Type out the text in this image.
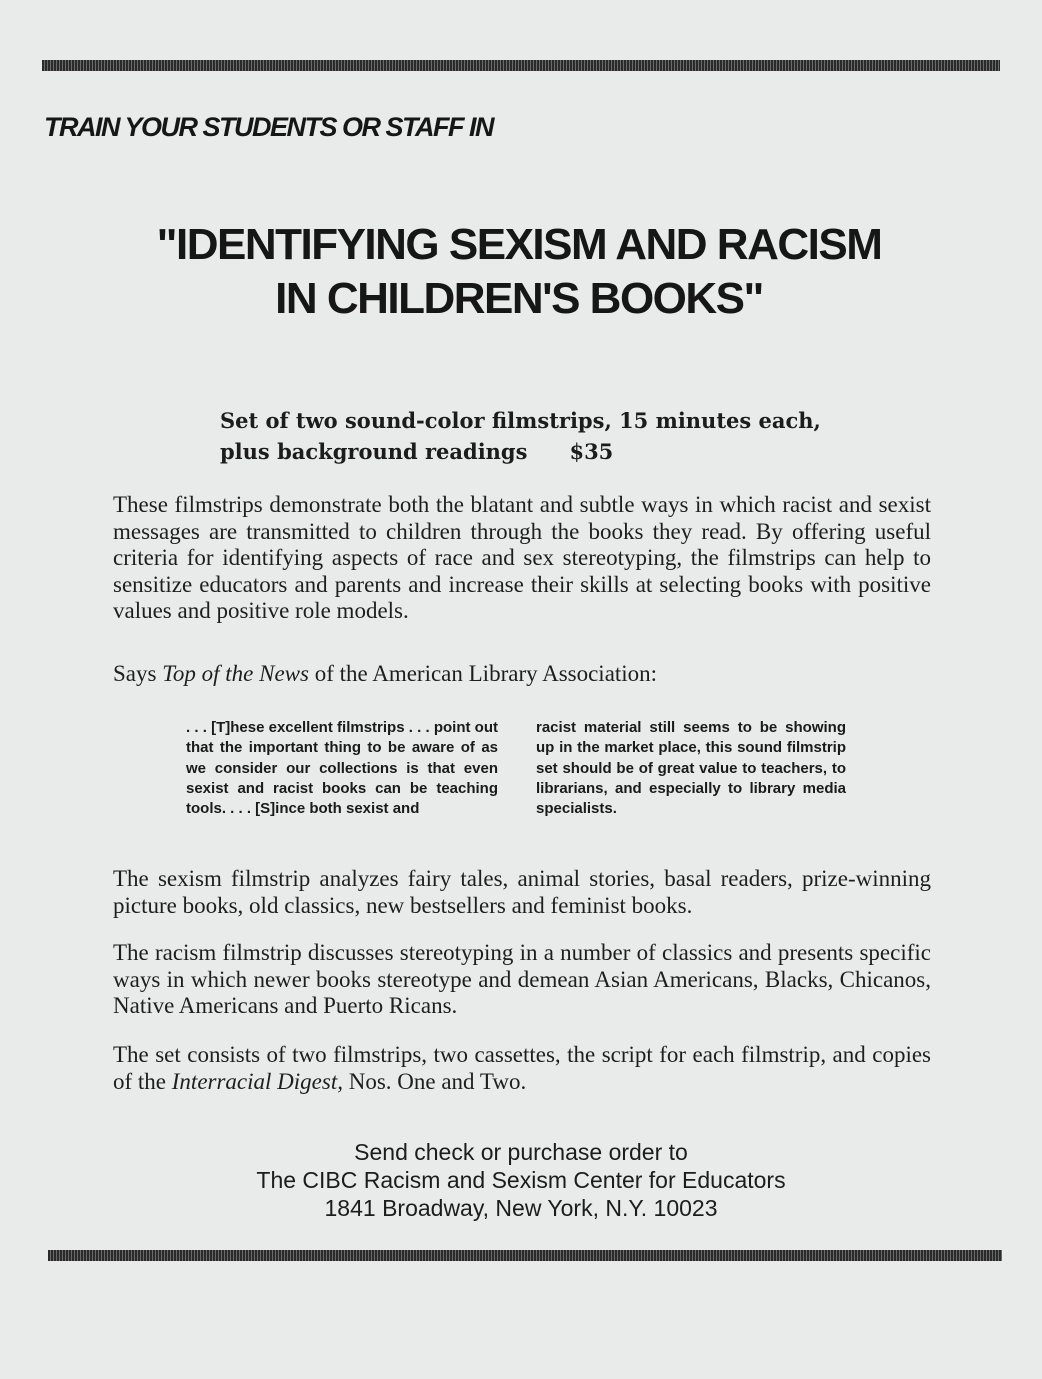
TRAIN YOUR STUDENTS OR STAFF IN
"IDENTIFYING SEXISM AND RACISM
IN CHILDREN'S BOOKS"
Set of two sound-color filmstrips, 15 minutes each,
plus background readings $35
These filmstrips demonstrate both the blatant and subtle ways in which racist and sexist messages are transmitted to children through the books they read. By offering useful criteria for identifying aspects of race and sex stereotyping, the filmstrips can help to sensitize educators and parents and increase their skills at selecting books with positive values and positive role models.
Says Top of the News of the American Library Association:
. . . [T]hese excellent filmstrips . . . point out that the important thing to be aware of as we consider our collections is that even sexist and racist books can be teaching tools. . . . [S]ince both sexist and
racist material still seems to be showing up in the market place, this sound filmstrip set should be of great value to teachers, to librarians, and especially to library media specialists.
The sexism filmstrip analyzes fairy tales, animal stories, basal readers, prize-winning picture books, old classics, new bestsellers and feminist books.
The racism filmstrip discusses stereotyping in a number of classics and presents specific ways in which newer books stereotype and demean Asian Americans, Blacks, Chicanos, Native Americans and Puerto Ricans.
The set consists of two filmstrips, two cassettes, the script for each filmstrip, and copies of the Interracial Digest, Nos. One and Two.
Send check or purchase order to
The CIBC Racism and Sexism Center for Educators
1841 Broadway, New York, N.Y. 10023
